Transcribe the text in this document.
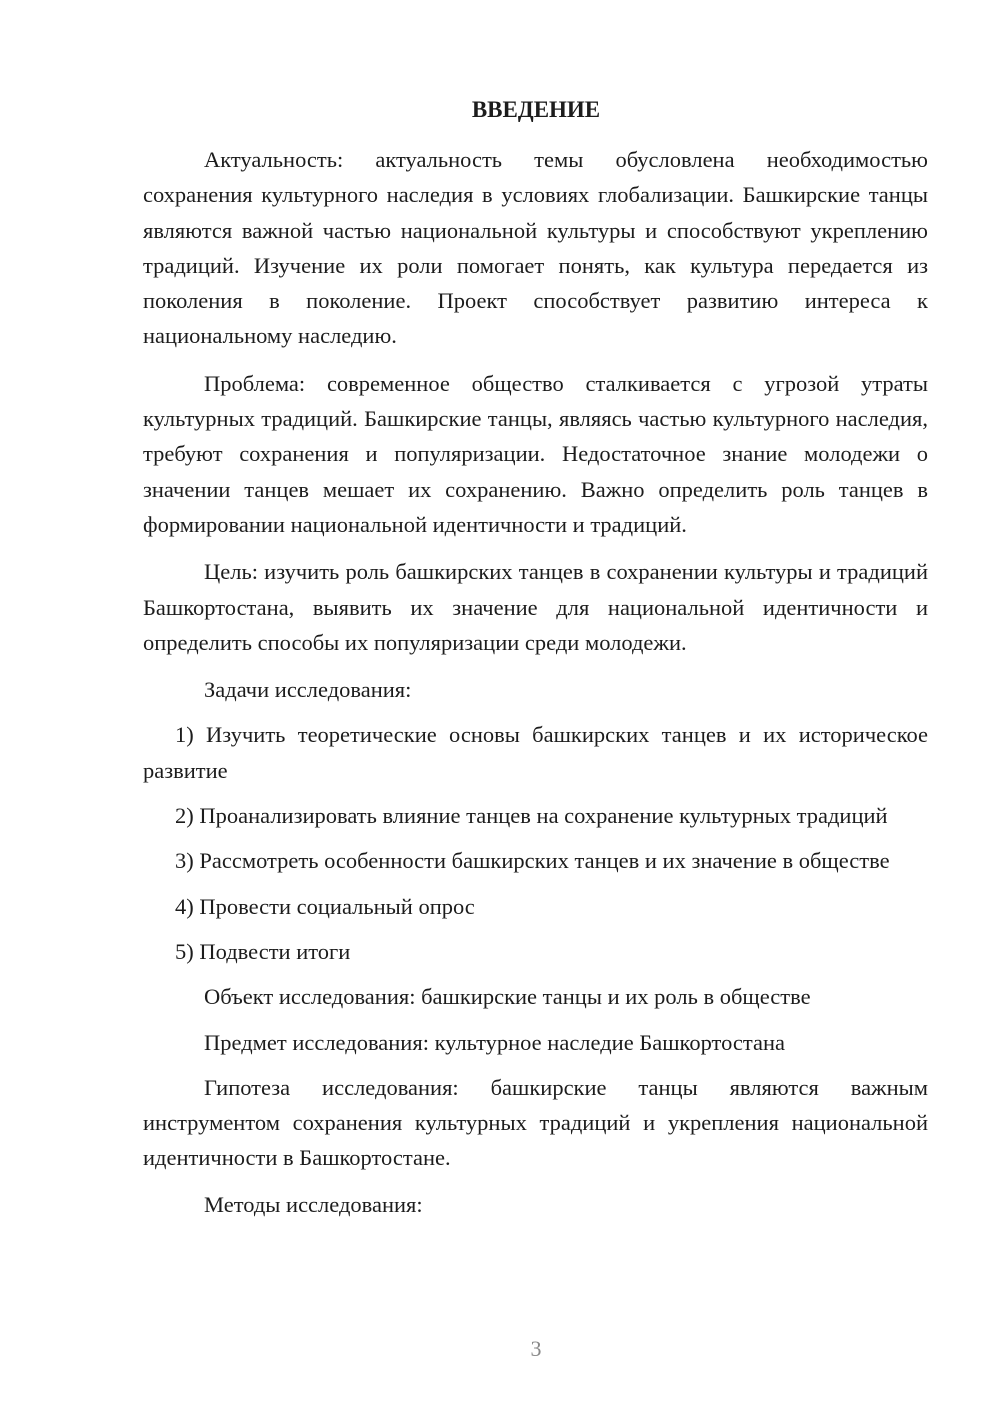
ВВЕДЕНИЕ

Актуальность: актуальность темы обусловлена необходимостью сохранения культурного наследия в условиях глобализации. Башкирские танцы являются важной частью национальной культуры и способствуют укреплению традиций. Изучение их роли помогает понять, как культура передается из поколения в поколение. Проект способствует развитию интереса к национальному наследию.

Проблема: современное общество сталкивается с угрозой утраты культурных традиций. Башкирские танцы, являясь частью культурного наследия, требуют сохранения и популяризации. Недостаточное знание молодежи о значении танцев мешает их сохранению. Важно определить роль танцев в формировании национальной идентичности и традиций.

Цель: изучить роль башкирских танцев в сохранении культуры и традиций Башкортостана, выявить их значение для национальной идентичности и определить способы их популяризации среди молодежи.

Задачи исследования:

1) Изучить теоретические основы башкирских танцев и их историческое развитие

2) Проанализировать влияние танцев на сохранение культурных традиций

3) Рассмотреть особенности башкирских танцев и их значение в обществе

4) Провести социальный опрос

5) Подвести итоги

Объект исследования: башкирские танцы и их роль в обществе

Предмет исследования: культурное наследие Башкортостана

Гипотеза исследования: башкирские танцы являются важным инструментом сохранения культурных традиций и укрепления национальной идентичности в Башкортостане.

Методы исследования:

3
